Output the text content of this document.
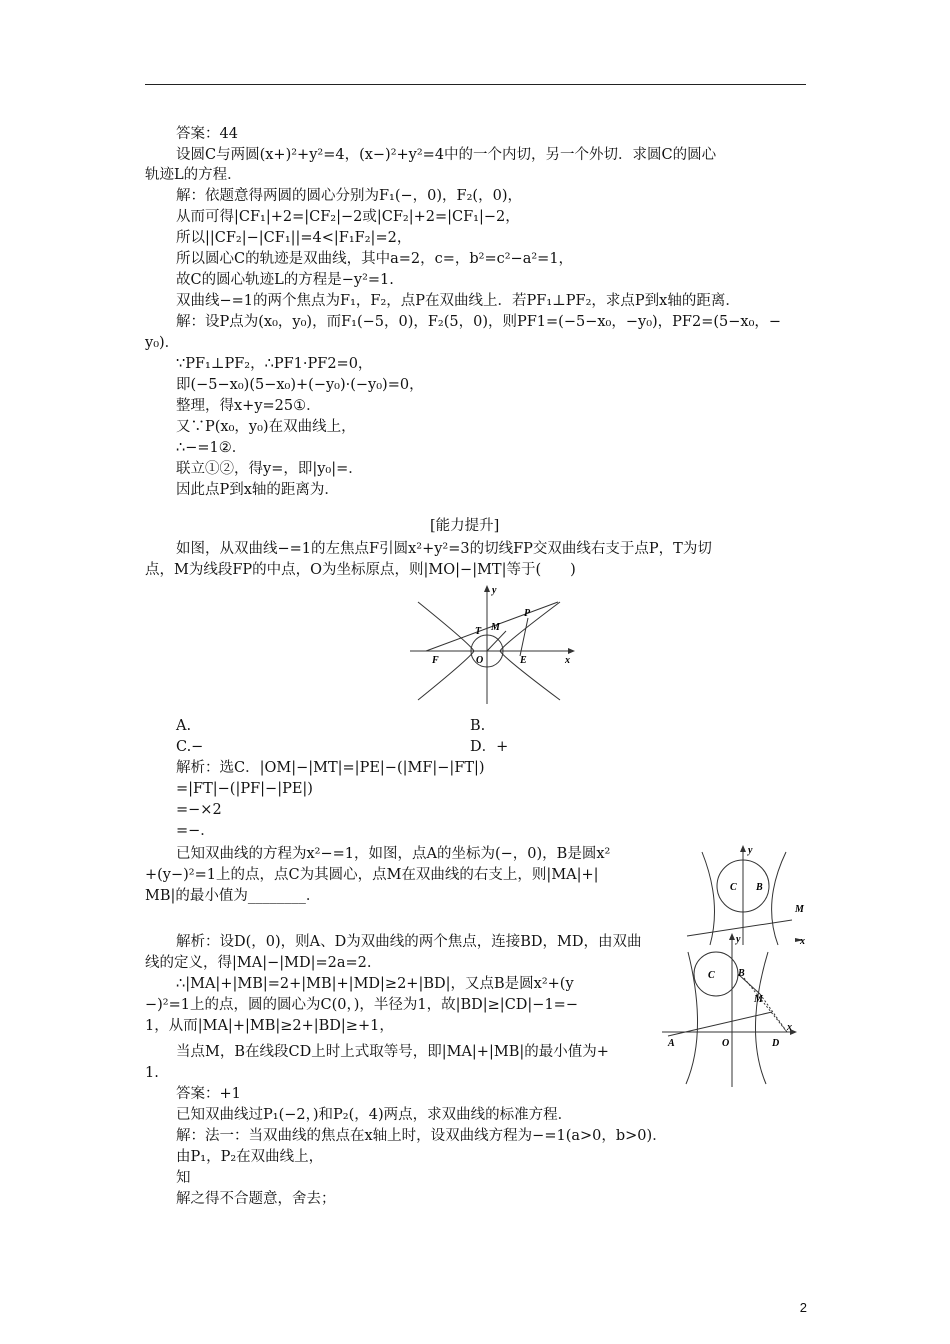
答案：44
设圆C与两圆(x+)²+y²=4，(x−)²+y²=4中的一个内切，另一个外切．求圆C的圆心
轨迹L的方程．
解：依题意得两圆的圆心分别为F₁(−，0)，F₂(，0)，
从而可得|CF₁|+2=|CF₂|−2或|CF₂|+2=|CF₁|−2，
所以||CF₂|−|CF₁||=4<|F₁F₂|=2，
所以圆心C的轨迹是双曲线，其中a=2，c=，b²=c²−a²=1，
故C的圆心轨迹L的方程是−y²=1.
双曲线−=1的两个焦点为F₁，F₂，点P在双曲线上．若PF₁⊥PF₂，求点P到x轴的距离．
解：设P点为(x₀，y₀)，而F₁(−5，0)，F₂(5，0)，则PF1=(−5−x₀，−y₀)，PF2=(5−x₀，−
y₀)．
∵PF₁⊥PF₂，∴PF1·PF2=0，
即(−5−x₀)(5−x₀)+(−y₀)·(−y₀)=0，
整理，得x+y=25①．
又∵P(x₀，y₀)在双曲线上，
∴−=1②．
联立①②，得y=，即|y₀|=．
因此点P到x轴的距离为．
[能力提升]
如图，从双曲线−=1的左焦点F引圆x²+y²=3的切线FP交双曲线右支于点P，T为切
点，M为线段FP的中点，O为坐标原点，则|MO|−|MT|等于(　　)
y
x
T M
P
F	O	E
A.	B.
C.−	D．+
解析：选C．|OM|−|MT|=|PE|−(|MF|−|FT|)
=|FT|−(|PF|−|PE|)
=−×2
=−．
已知双曲线的方程为x²−=1，如图，点A的坐标为(−，0)，B是圆x²
+(y−)²=1上的点，点C为其圆心，点M在双曲线的右支上，则|MA|+|
MB|的最小值为________．
y
x
C B
M
解析：设D(，0)，则A、D为双曲线的两个焦点，连接BD，MD，由双曲
线的定义，得|MA|−|MD|=2a=2.
∴|MA|+|MB|=2+|MB|+|MD|≥2+|BD|，又点B是圆x²+(y
−)²=1上的点，圆的圆心为C(0，)，半径为1，故|BD|≥|CD|−1=−
1，从而|MA|+|MB|≥2+|BD|≥+1，
当点M，B在线段CD上时上式取等号，即|MA|+|MB|的最小值为+
1.
y
x
C B
M
A	O	D
答案：+1
已知双曲线过P₁(−2，)和P₂(，4)两点，求双曲线的标准方程．
解：法一：当双曲线的焦点在x轴上时，设双曲线方程为−=1(a>0，b>0)．
由P₁，P₂在双曲线上，
知
解之得不合题意，舍去；
2
